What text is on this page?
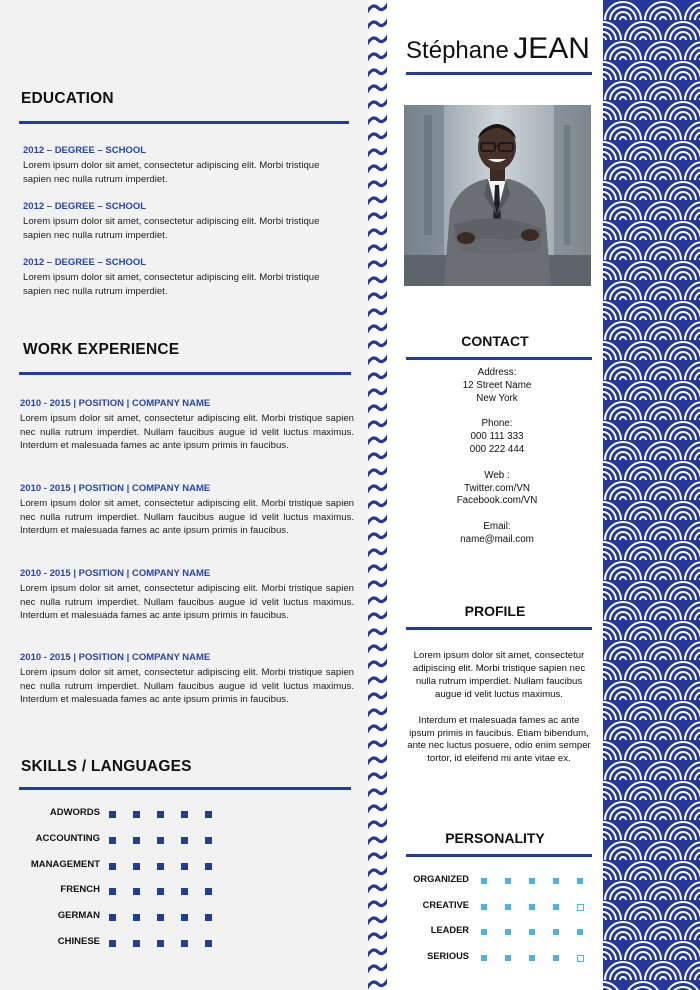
EDUCATION
2012 – DEGREE – SCHOOL
Lorem ipsum dolor sit amet, consectetur adipiscing elit. Morbi tristique sapien nec nulla rutrum imperdiet.
2012 – DEGREE – SCHOOL
Lorem ipsum dolor sit amet, consectetur adipiscing elit. Morbi tristique sapien nec nulla rutrum imperdiet.
2012 – DEGREE – SCHOOL
Lorem ipsum dolor sit amet, consectetur adipiscing elit. Morbi tristique sapien nec nulla rutrum imperdiet.
WORK EXPERIENCE
2010 - 2015 | POSITION | COMPANY NAME
Lorem ipsum dolor sit amet, consectetur adipiscing elit. Morbi tristique sapien nec nulla rutrum imperdiet. Nullam faucibus augue id velit luctus maximus. Interdum et malesuada fames ac ante ipsum primis in faucibus.
2010 - 2015 | POSITION | COMPANY NAME
Lorem ipsum dolor sit amet, consectetur adipiscing elit. Morbi tristique sapien nec nulla rutrum imperdiet. Nullam faucibus augue id velit luctus maximus. Interdum et malesuada fames ac ante ipsum primis in faucibus.
2010 - 2015 | POSITION | COMPANY NAME
Lorem ipsum dolor sit amet, consectetur adipiscing elit. Morbi tristique sapien nec nulla rutrum imperdiet. Nullam faucibus augue id velit luctus maximus. Interdum et malesuada fames ac ante ipsum primis in faucibus.
2010 - 2015 | POSITION | COMPANY NAME
Lorem ipsum dolor sit amet, consectetur adipiscing elit. Morbi tristique sapien nec nulla rutrum imperdiet. Nullam faucibus augue id velit luctus maximus. Interdum et malesuada fames ac ante ipsum primis in faucibus.
SKILLS / LANGUAGES
ADWORDS
ACCOUNTING
MANAGEMENT
FRENCH
GERMAN
CHINESE
Stéphane JEAN
CONTACT
Address:
12 Street Name
New York
Phone:
000 111 333
000 222 444
Web :
Twitter.com/VN
Facebook.com/VN
Email:
name@mail.com
PROFILE

Lorem ipsum dolor sit amet, consectetur adipiscing elit. Morbi tristique sapien nec nulla rutrum imperdiet. Nullam faucibus augue id velit luctus maximus.

Interdum et malesuada fames ac ante ipsum primis in faucibus. Etiam bibendum, ante nec luctus posuere, odio enim semper tortor, id eleifend mi ante vitae ex.

PERSONALITY
ORGANIZED
CREATIVE
LEADER
SERIOUS
